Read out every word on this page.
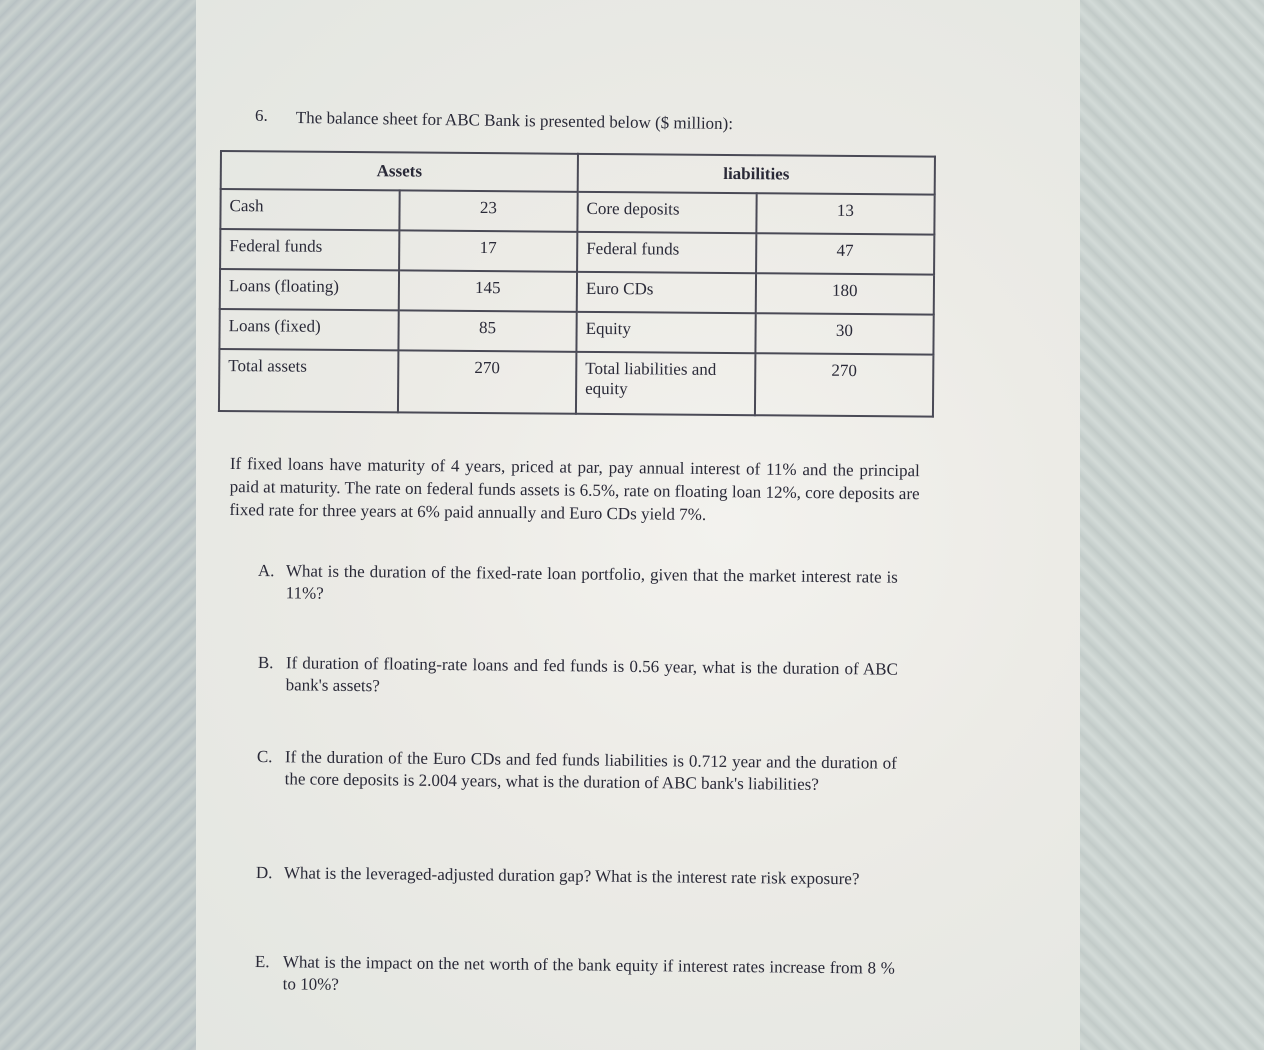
6. The balance sheet for ABC Bank is presented below ($ million):
Assets		liabilities	
Cash	23	Core deposits	13
Federal funds	17	Federal funds	47
Loans (floating)	145	Euro CDs	180
Loans (fixed)	85	Equity	30
Total assets	270	Total liabilities and equity	270
If fixed loans have maturity of 4 years, priced at par, pay annual interest of 11% and the principal paid at maturity. The rate on federal funds assets is 6.5%, rate on floating loan 12%, core deposits are fixed rate for three years at 6% paid annually and Euro CDs yield 7%.
A. What is the duration of the fixed-rate loan portfolio, given that the market interest rate is 11%?
B. If duration of floating-rate loans and fed funds is 0.56 year, what is the duration of ABC bank's assets?
C. If the duration of the Euro CDs and fed funds liabilities is 0.712 year and the duration of the core deposits is 2.004 years, what is the duration of ABC bank's liabilities?
D. What is the leveraged-adjusted duration gap? What is the interest rate risk exposure?
E. What is the impact on the net worth of the bank equity if interest rates increase from 8 % to 10%?
